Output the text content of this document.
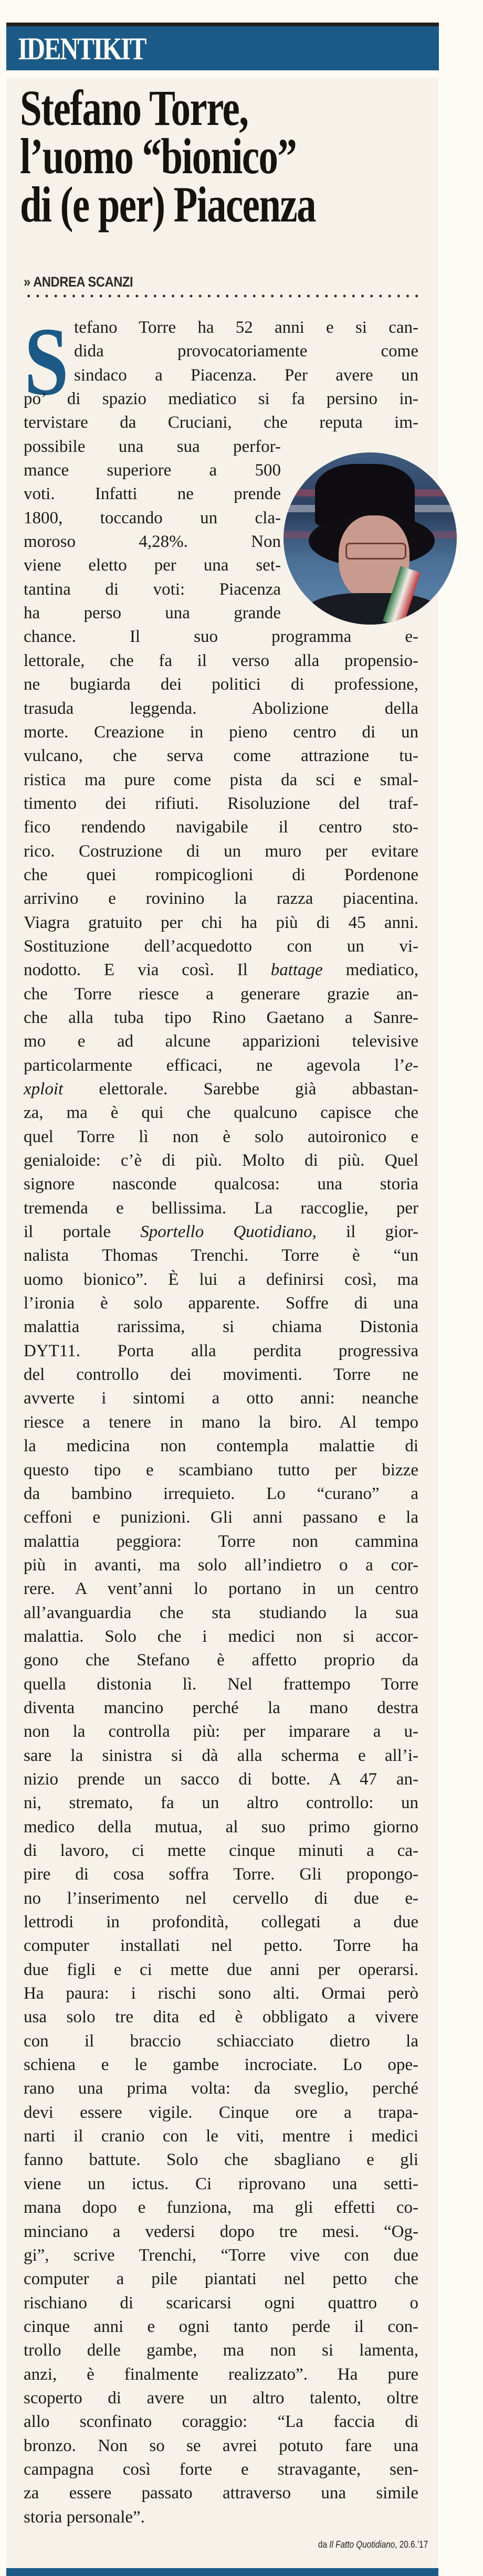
IDENTIKIT
Stefano Torre,
l’uomo “bionico”
di (e per) Piacenza
» ANDREA SCANZI
S tefano Torre ha 52 anni e si can-
dida provocatoriamente come
sindaco a Piacenza. Per avere un
po’ di spazio mediatico si fa persino in-
tervistare da Cruciani, che reputa im-
possibile una sua perfor-
mance superiore a 500
voti. Infatti ne prende
1800, toccando un cla-
moroso 4,28%. Non
viene eletto per una set-
tantina di voti: Piacenza
ha perso una grande
chance. Il suo programma e-
lettorale, che fa il verso alla propensio-
ne bugiarda dei politici di professione,
trasuda leggenda. Abolizione della
morte. Creazione in pieno centro di un
vulcano, che serva come attrazione tu-
ristica ma pure come pista da sci e smal-
timento dei rifiuti. Risoluzione del traf-
fico rendendo navigabile il centro sto-
rico. Costruzione di un muro per evitare
che quei rompicoglioni di Pordenone
arrivino e rovinino la razza piacentina.
Viagra gratuito per chi ha più di 45 anni.
Sostituzione dell’acquedotto con un vi-
nodotto. E via così. Il battage mediatico,
che Torre riesce a generare grazie an-
che alla tuba tipo Rino Gaetano a Sanre-
mo e ad alcune apparizioni televisive
particolarmente efficaci, ne agevola l’e-
xploit elettorale. Sarebbe già abbastan-
za, ma è qui che qualcuno capisce che
quel Torre lì non è solo autoironico e
genialoide: c’è di più. Molto di più. Quel
signore nasconde qualcosa: una storia
tremenda e bellissima. La raccoglie, per
il portale Sportello Quotidiano, il gior-
nalista Thomas Trenchi. Torre è “un
uomo bionico”. È lui a definirsi così, ma
l’ironia è solo apparente. Soffre di una
malattia rarissima, si chiama Distonia
DYT11. Porta alla perdita progressiva
del controllo dei movimenti. Torre ne
avverte i sintomi a otto anni: neanche
riesce a tenere in mano la biro. Al tempo
la medicina non contempla malattie di
questo tipo e scambiano tutto per bizze
da bambino irrequieto. Lo “curano” a
ceffoni e punizioni. Gli anni passano e la
malattia peggiora: Torre non cammina
più in avanti, ma solo all’indietro o a cor-
rere. A vent’anni lo portano in un centro
all’avanguardia che sta studiando la sua
malattia. Solo che i medici non si accor-
gono che Stefano è affetto proprio da
quella distonia lì. Nel frattempo Torre
diventa mancino perché la mano destra
non la controlla più: per imparare a u-
sare la sinistra si dà alla scherma e all’i-
nizio prende un sacco di botte. A 47 an-
ni, stremato, fa un altro controllo: un
medico della mutua, al suo primo giorno
di lavoro, ci mette cinque minuti a ca-
pire di cosa soffra Torre. Gli propongo-
no l’inserimento nel cervello di due e-
lettrodi in profondità, collegati a due
computer installati nel petto. Torre ha
due figli e ci mette due anni per operarsi.
Ha paura: i rischi sono alti. Ormai però
usa solo tre dita ed è obbligato a vivere
con il braccio schiacciato dietro la
schiena e le gambe incrociate. Lo ope-
rano una prima volta: da sveglio, perché
devi essere vigile. Cinque ore a trapa-
narti il cranio con le viti, mentre i medici
fanno battute. Solo che sbagliano e gli
viene un ictus. Ci riprovano una setti-
mana dopo e funziona, ma gli effetti co-
minciano a vedersi dopo tre mesi. “Og-
gi”, scrive Trenchi, “Torre vive con due
computer a pile piantati nel petto che
rischiano di scaricarsi ogni quattro o
cinque anni e ogni tanto perde il con-
trollo delle gambe, ma non si lamenta,
anzi, è finalmente realizzato”. Ha pure
scoperto di avere un altro talento, oltre
allo sconfinato coraggio: “La faccia di
bronzo. Non so se avrei potuto fare una
campagna così forte e stravagante, sen-
za essere passato attraverso una simile
storia personale”.
da Il Fatto Quotidiano, 20.6.’17
